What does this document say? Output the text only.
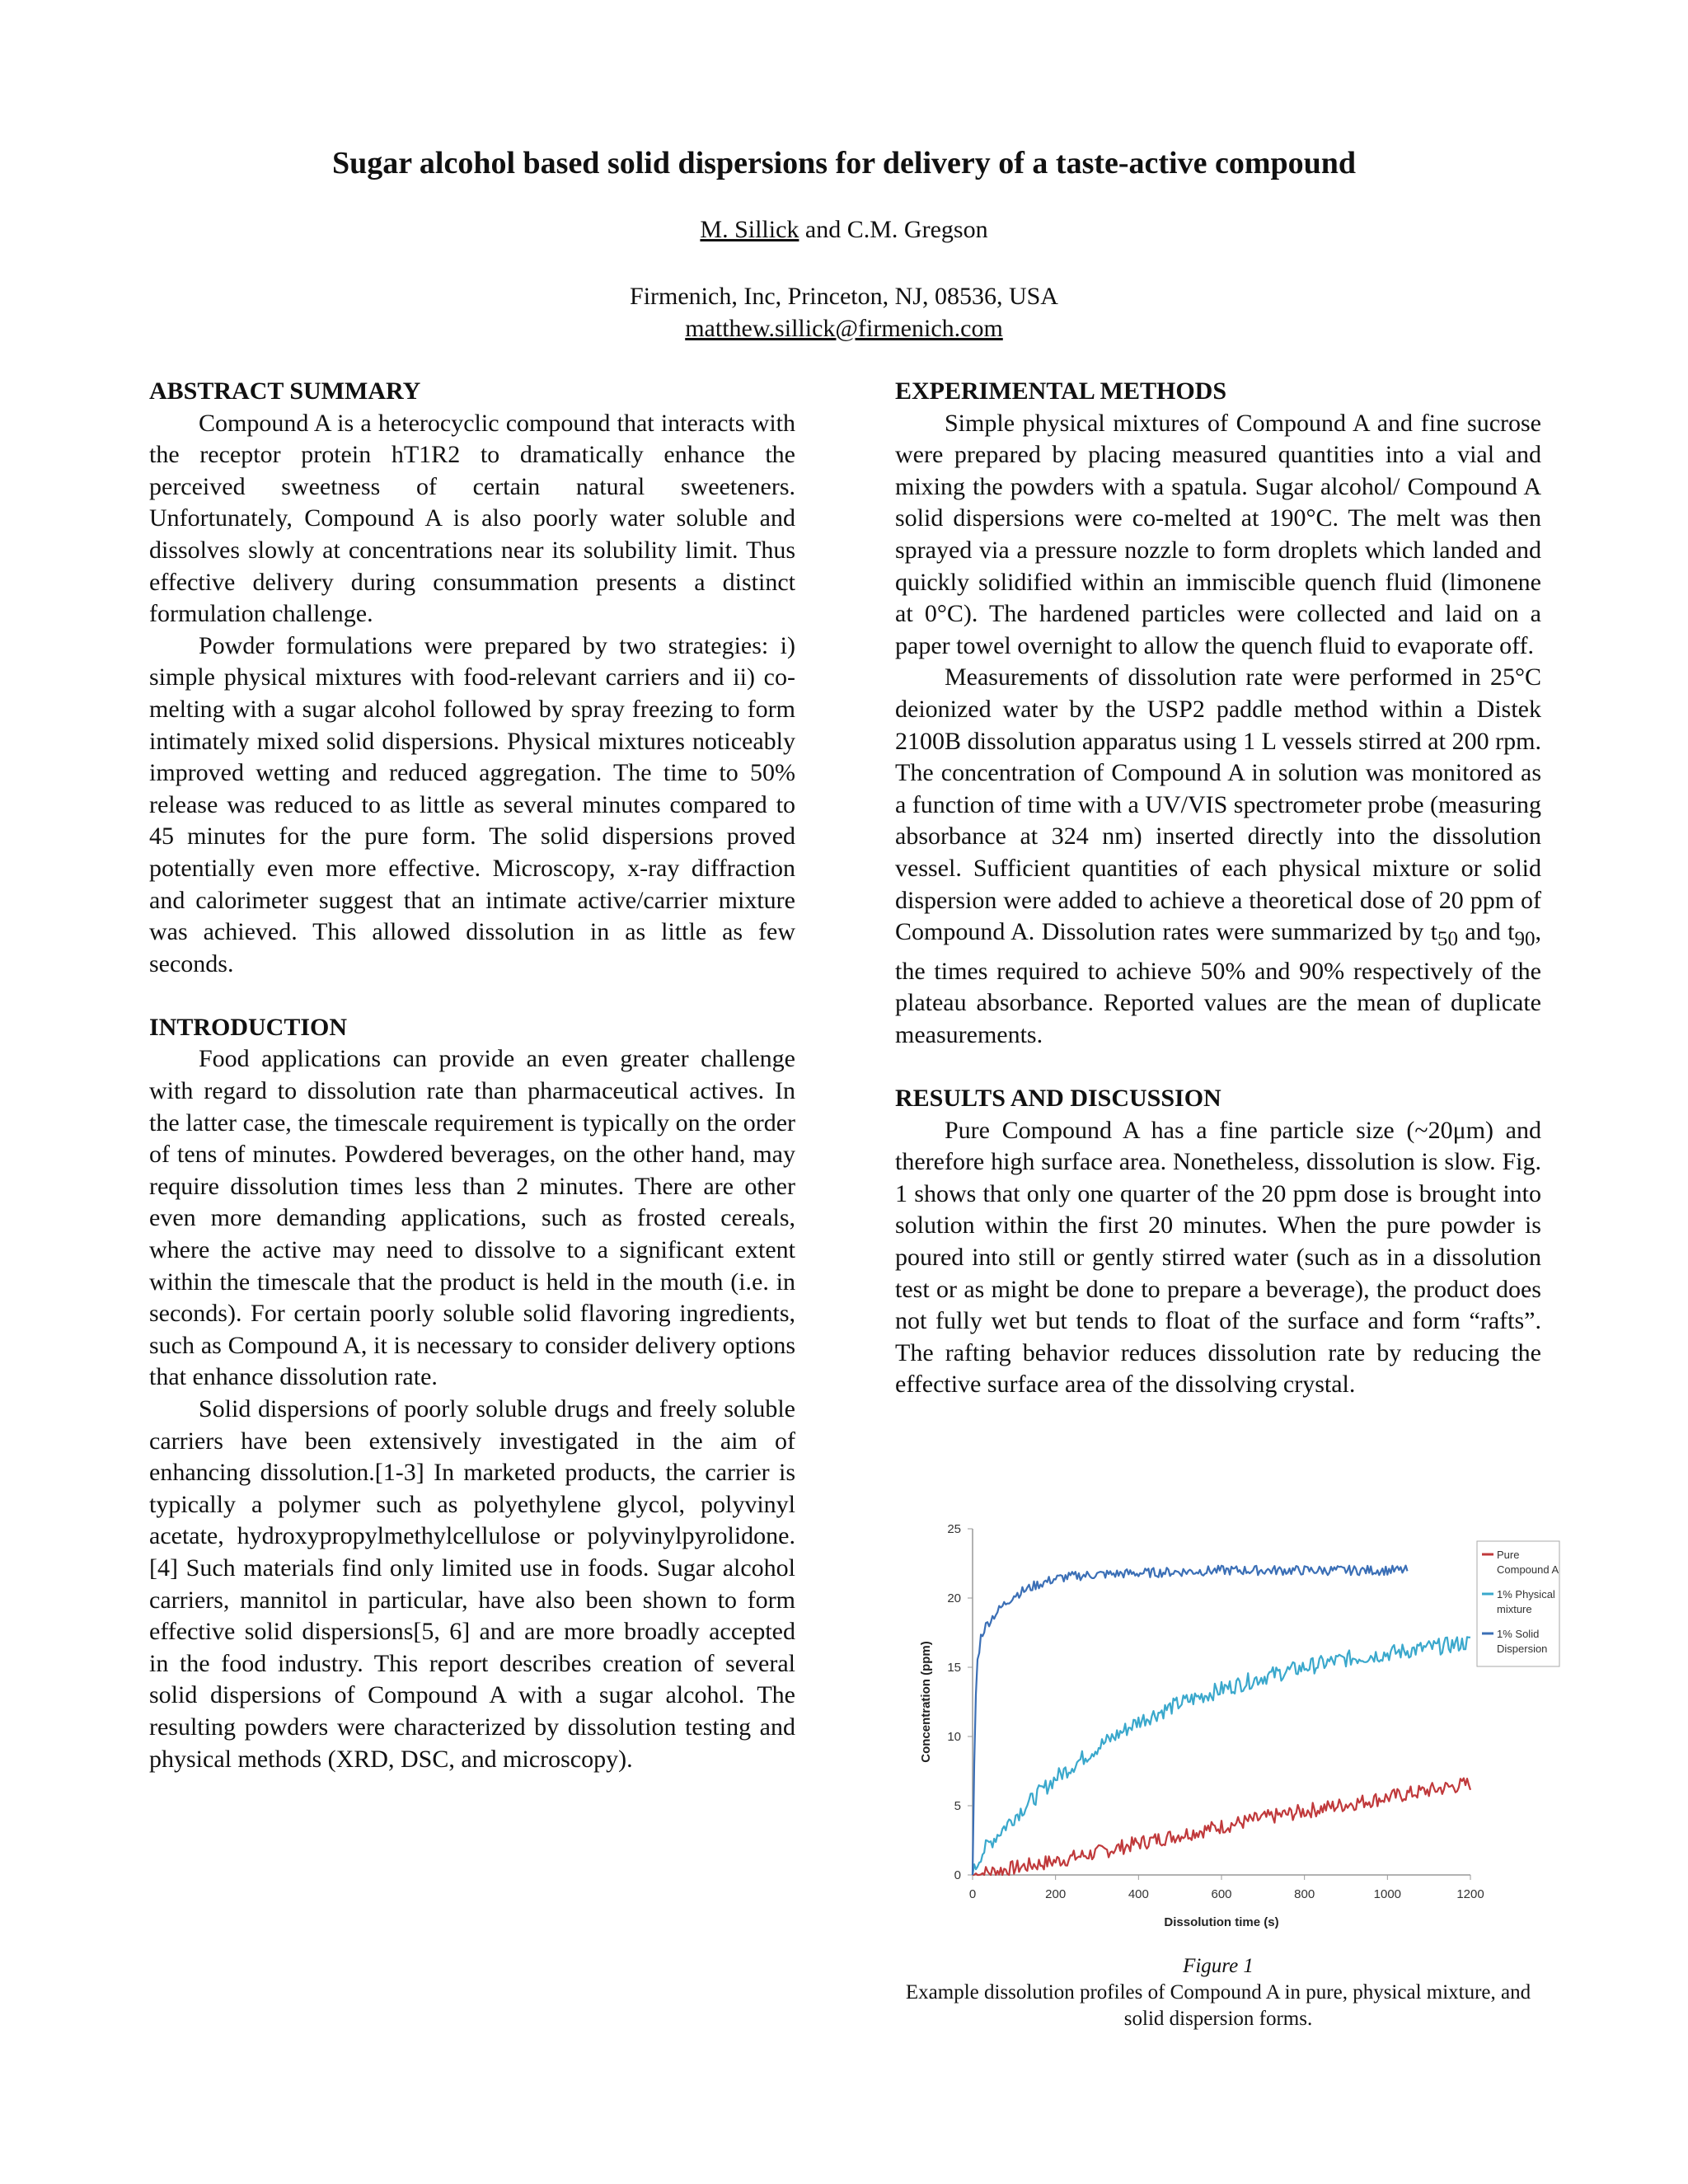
Sugar alcohol based solid dispersions for delivery of a taste-active compound
M. Sillick and C.M. Gregson
Firmenich, Inc, Princeton, NJ, 08536, USA
matthew.sillick@firmenich.com
ABSTRACT SUMMARY

Compound A is a heterocyclic compound that interacts with the receptor protein hT1R2 to dramatically enhance the perceived sweetness of certain natural sweeteners. Unfortunately, Compound A is also poorly water soluble and dissolves slowly at concentrations near its solubility limit. Thus effective delivery during consummation presents a distinct formulation challenge.

Powder formulations were prepared by two strategies: i) simple physical mixtures with food-relevant carriers and ii) co-melting with a sugar alcohol followed by spray freezing to form intimately mixed solid dispersions. Physical mixtures noticeably improved wetting and reduced aggregation. The time to 50% release was reduced to as little as several minutes compared to 45 minutes for the pure form. The solid dispersions proved potentially even more effective. Microscopy, x-ray diffraction and calorimeter suggest that an intimate active/carrier mixture was achieved. This allowed dissolution in as little as few seconds.

INTRODUCTION

Food applications can provide an even greater challenge with regard to dissolution rate than pharmaceutical actives. In the latter case, the timescale requirement is typically on the order of tens of minutes. Powdered beverages, on the other hand, may require dissolution times less than 2 minutes. There are other even more demanding applications, such as frosted cereals, where the active may need to dissolve to a significant extent within the timescale that the product is held in the mouth (i.e. in seconds). For certain poorly soluble solid flavoring ingredients, such as Compound A, it is necessary to consider delivery options that enhance dissolution rate.

Solid dispersions of poorly soluble drugs and freely soluble carriers have been extensively investigated in the aim of enhancing dissolution.[1-3] In marketed products, the carrier is typically a polymer such as polyethylene glycol, polyvinyl acetate, hydroxypropylmethylcellulose or polyvinylpyrolidone.[4] Such materials find only limited use in foods. Sugar alcohol carriers, mannitol in particular, have also been shown to form effective solid dispersions[5, 6] and are more broadly accepted in the food industry. This report describes creation of several solid dispersions of Compound A with a sugar alcohol. The resulting powders were characterized by dissolution testing and physical methods (XRD, DSC, and microscopy).

EXPERIMENTAL METHODS

Simple physical mixtures of Compound A and fine sucrose were prepared by placing measured quantities into a vial and mixing the powders with a spatula. Sugar alcohol/ Compound A solid dispersions were co-melted at 190°C. The melt was then sprayed via a pressure nozzle to form droplets which landed and quickly solidified within an immiscible quench fluid (limonene at 0°C). The hardened particles were collected and laid on a paper towel overnight to allow the quench fluid to evaporate off.

Measurements of dissolution rate were performed in 25°C deionized water by the USP2 paddle method within a Distek 2100B dissolution apparatus using 1 L vessels stirred at 200 rpm. The concentration of Compound A in solution was monitored as a function of time with a UV/VIS spectrometer probe (measuring absorbance at 324 nm) inserted directly into the dissolution vessel. Sufficient quantities of each physical mixture or solid dispersion were added to achieve a theoretical dose of 20 ppm of Compound A. Dissolution rates were summarized by $t_{50}$ and $t_{90}$, the times required to achieve 50% and 90% respectively of the plateau absorbance. Reported values are the mean of duplicate measurements.

RESULTS AND DISCUSSION

Pure Compound A has a fine particle size (~20μm) and therefore high surface area. Nonetheless, dissolution is slow. Fig. 1 shows that only one quarter of the 20 ppm dose is brought into solution within the first 20 minutes. When the pure powder is poured into still or gently stirred water (such as in a dissolution test or as might be done to prepare a beverage), the product does not fully wet but tends to float of the surface and form “rafts”. The rafting behavior reduces dissolution rate by reducing the effective surface area of the dissolving crystal.

0
5
10
15
20
25
0	200	400	600	800	1000	1200
Dissolution time (s)
Concentration (ppm)
Pure
Compound A
1% Physical
mixture
1% Solid
Dispersion
Figure 1
Example dissolution profiles of Compound A in pure, physical mixture, and solid dispersion forms.
